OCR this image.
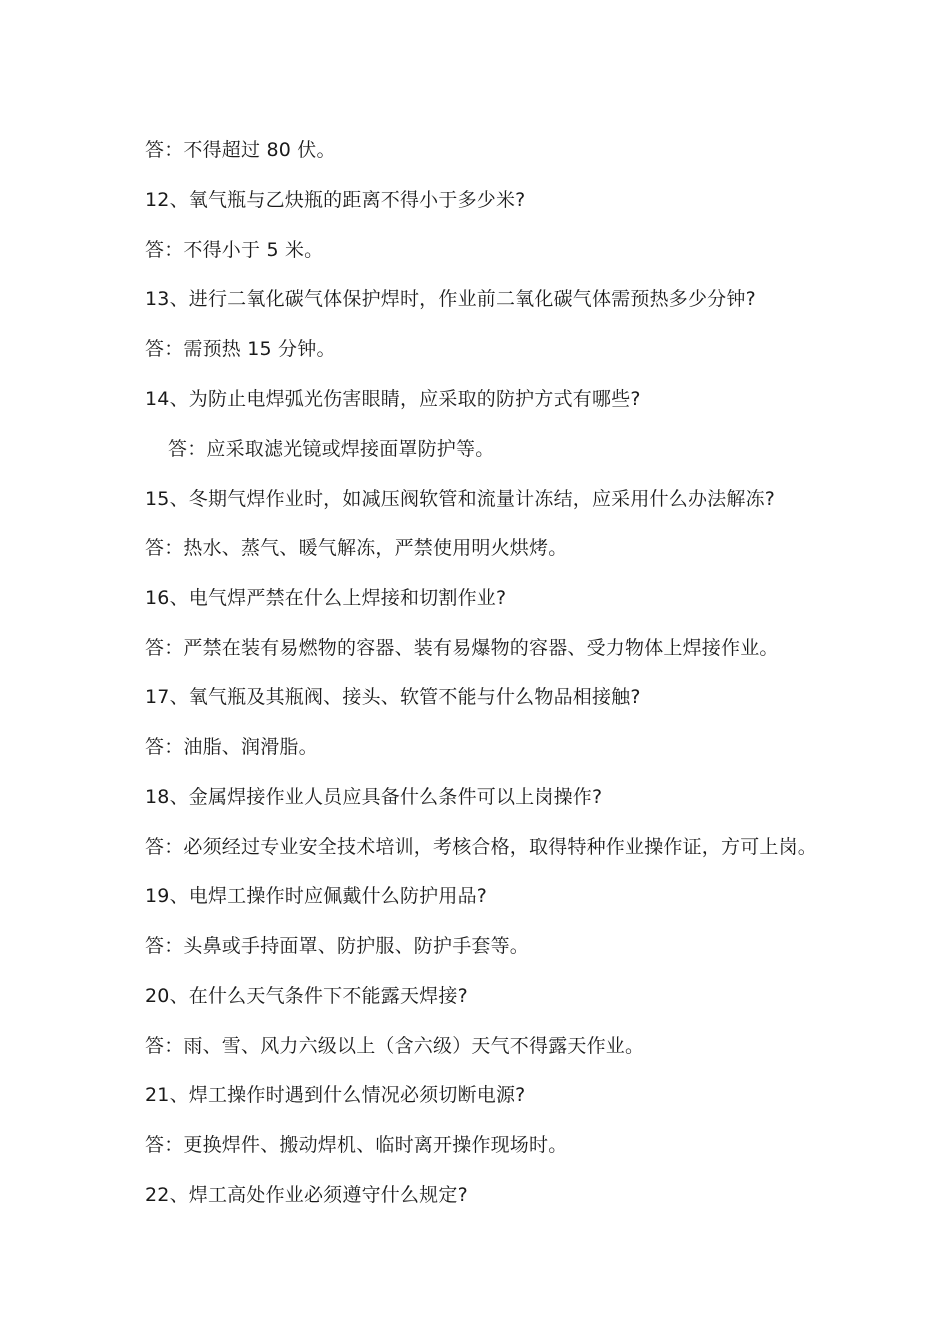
答：不得超过 80 伏。
12、氧气瓶与乙炔瓶的距离不得小于多少米?
答：不得小于 5 米。
13、进行二氧化碳气体保护焊时，作业前二氧化碳气体需预热多少分钟?
答：需预热 15 分钟。
14、为防止电焊弧光伤害眼睛，应采取的防护方式有哪些?
答：应采取滤光镜或焊接面罩防护等。
15、冬期气焊作业时，如减压阀软管和流量计冻结，应采用什么办法解冻?
答：热水、蒸气、暖气解冻，严禁使用明火烘烤。
16、电气焊严禁在什么上焊接和切割作业?
答：严禁在装有易燃物的容器、装有易爆物的容器、受力物体上焊接作业。
17、氧气瓶及其瓶阀、接头、软管不能与什么物品相接触?
答：油脂、润滑脂。
18、金属焊接作业人员应具备什么条件可以上岗操作?
答：必须经过专业安全技术培训，考核合格，取得特种作业操作证，方可上岗。
19、电焊工操作时应佩戴什么防护用品?
答：头鼻或手持面罩、防护服、防护手套等。
20、在什么天气条件下不能露天焊接?
答：雨、雪、风力六级以上（含六级）天气不得露天作业。
21、焊工操作时遇到什么情况必须切断电源?
答：更换焊件、搬动焊机、临时离开操作现场时。
22、焊工高处作业必须遵守什么规定?
